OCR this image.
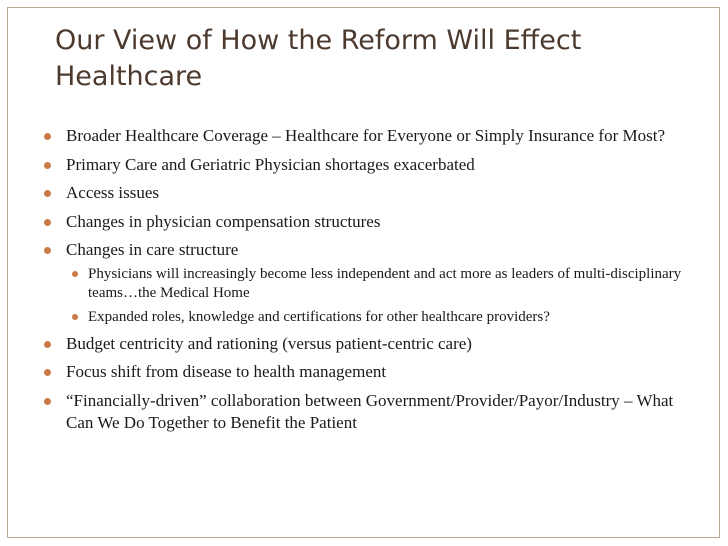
Our View of How the Reform Will Effect Healthcare
Broader Healthcare Coverage – Healthcare for Everyone or Simply Insurance for Most?
Primary Care and Geriatric Physician shortages exacerbated
Access issues
Changes in physician compensation structures
Changes in care structure
Physicians will increasingly become less independent and act more as leaders of multi-disciplinary teams…the Medical Home
Expanded roles, knowledge and certifications for other healthcare providers?
Budget centricity and rationing (versus patient-centric care)
Focus shift from disease to health management
“Financially-driven” collaboration between Government/Provider/Payor/Industry – What Can We Do Together to Benefit the Patient
